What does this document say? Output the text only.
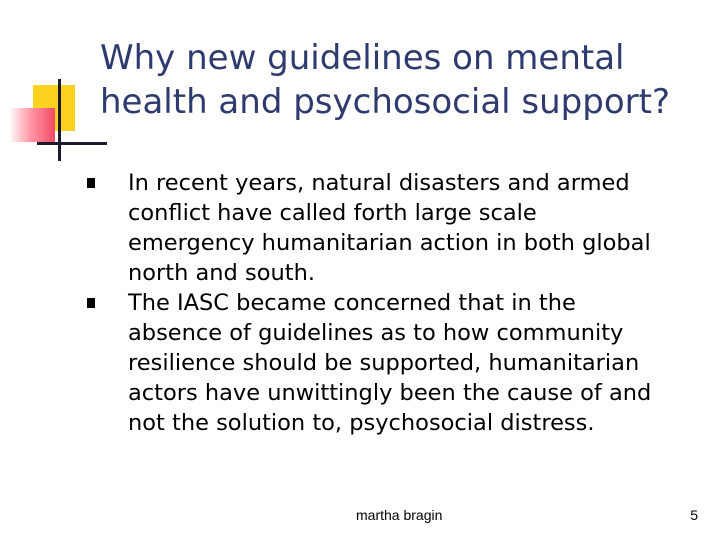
Why new guidelines on mental
health and psychosocial support?
In recent years, natural disasters and armed
conflict have called forth large scale
emergency humanitarian action in both global
north and south.
The IASC became concerned that in the
absence of guidelines as to how community
resilience should be supported, humanitarian
actors have unwittingly been the cause of and
not the solution to, psychosocial distress.
martha bragin	5
